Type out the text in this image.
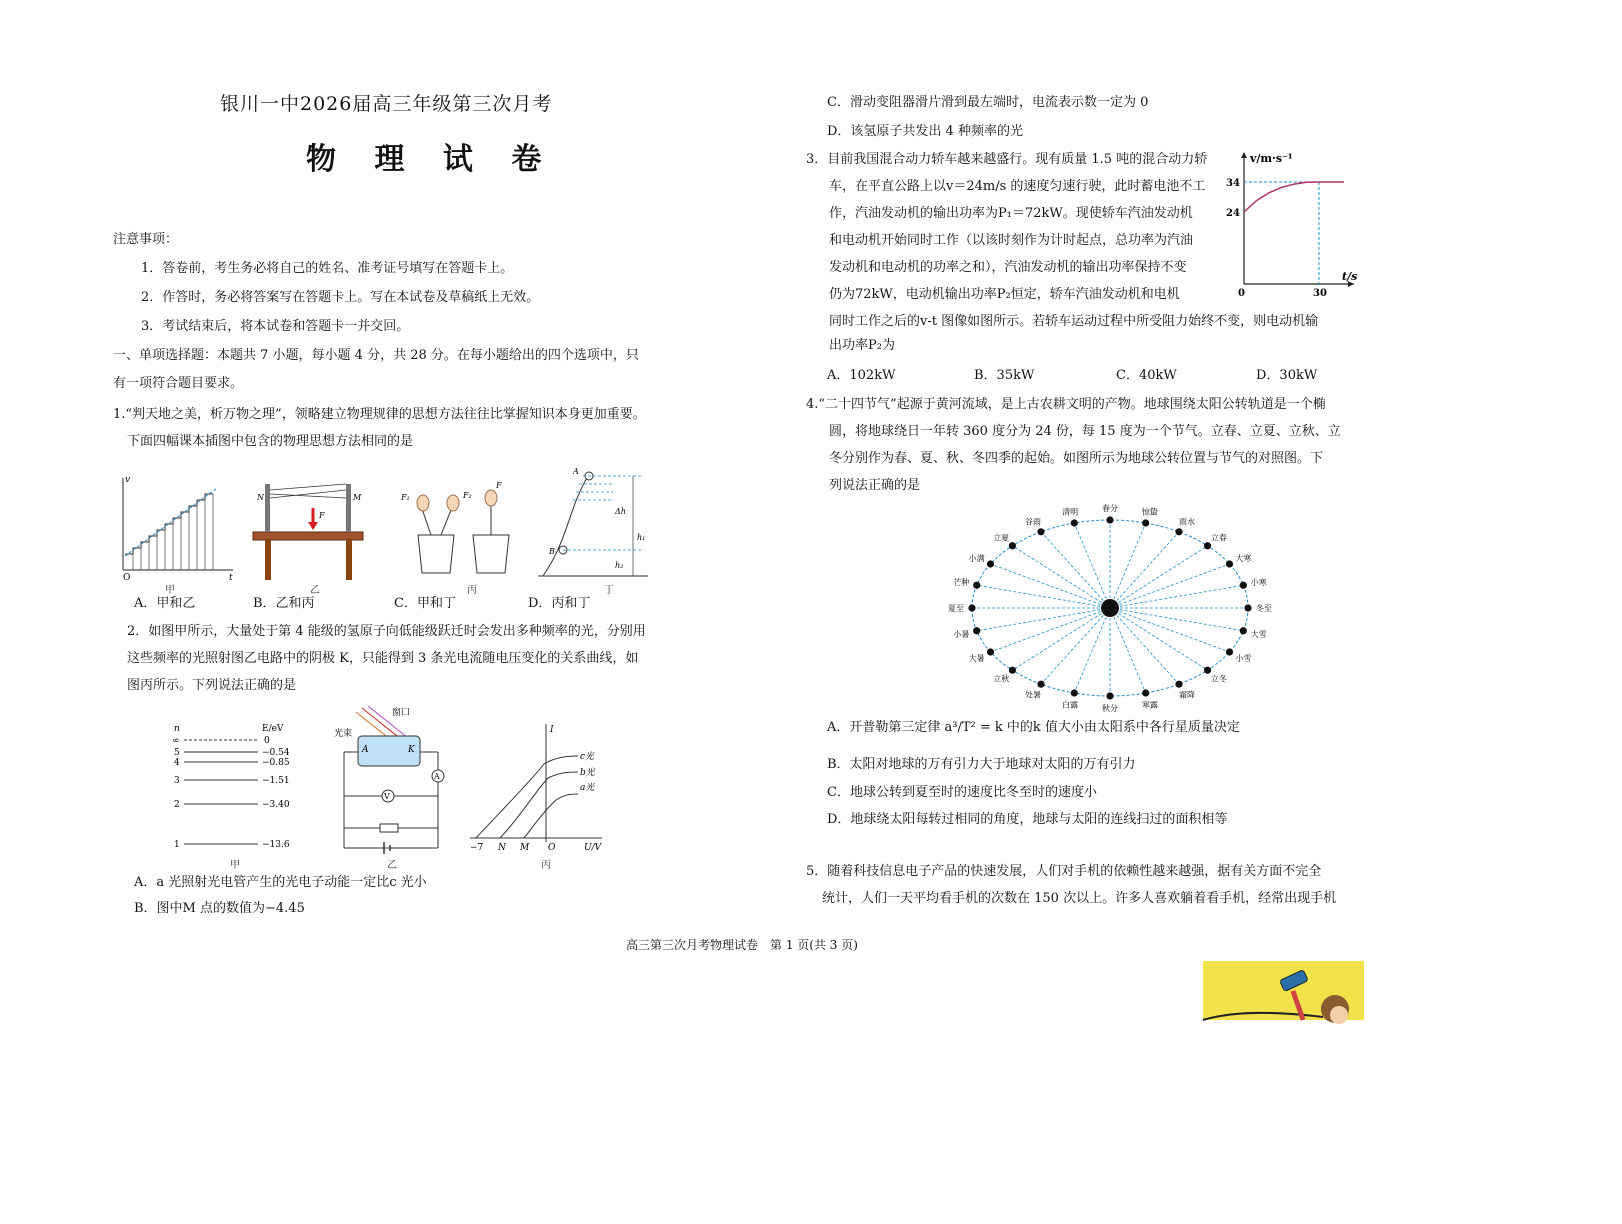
银川一中2026届高三年级第三次月考
物 理 试 卷
注意事项：
1．答卷前，考生务必将自己的姓名、准考证号填写在答题卡上。
2．作答时，务必将答案写在答题卡上。写在本试卷及草稿纸上无效。
3．考试结束后，将本试卷和答题卡一并交回。
一、单项选择题：本题共 7 小题，每小题 4 分，共 28 分。在每小题给出的四个选项中，只
有一项符合题目要求。
1.“判天地之美，析万物之理”，领略建立物理规律的思想方法往往比掌握知识本身更加重要。
下面四幅课本插图中包含的物理思想方法相同的是
O
v
t
N	M
F
F₁	F₂
F
A
B
Δh
h₁
h₂
甲	乙	丙	丁
A．甲和乙	B．乙和丙	C．甲和丁	D．丙和丁
2．如图甲所示，大量处于第 4 能级的氢原子向低能级跃迁时会发出多种频率的光，分别用
这些频率的光照射图乙电路中的阴极 K，只能得到 3 条光电流随电压变化的关系曲线，如
图丙所示。下列说法正确的是
n	E/eV
∞
5
4
3
2
1
0
−0.54
−0.85
−1.51
−3.40
−13.6
窗口
光束
A	K
A
V
I
U/V
O
−7 N M
c光
b光
a光
甲	乙	丙
A．a 光照射光电管产生的光电子动能一定比c 光小
B．图中M 点的数值为−4.45
C．滑动变阻器滑片滑到最左端时，电流表示数一定为 0
D．该氢原子共发出 4 种频率的光
3．目前我国混合动力轿车越来越盛行。现有质量 1.5 吨的混合动力轿
车，在平直公路上以v＝24m/s 的速度匀速行驶，此时蓄电池不工
作，汽油发动机的输出功率为P₁＝72kW。现使轿车汽油发动机
和电动机开始同时工作（以该时刻作为计时起点，总功率为汽油
发动机和电动机的功率之和），汽油发动机的输出功率保持不变
仍为72kW，电动机输出功率P₂恒定，轿车汽油发动机和电机
同时工作之后的v-t 图像如图所示。若轿车运动过程中所受阻力始终不变，则电动机输
出功率P₂为
v/m·s⁻¹
t/s
24
34
0	30
A．102kW	B．35kW	C．40kW	D．30kW
4.“二十四节气”起源于黄河流域，是上古农耕文明的产物。地球围绕太阳公转轨道是一个椭
圆，将地球绕日一年转 360 度分为 24 份，每 15 度为一个节气。立春、立夏、立秋、立
冬分别作为春、夏、秋、冬四季的起始。如图所示为地球公转位置与节气的对照图。下
列说法正确的是
冬至
小寒
大寒
立春
雨水
惊蛰
春分
清明
谷雨
立夏
小满
芒种
夏至
小暑
大暑
立秋
处暑
白露	秋分	寒露
霜降
立冬
小雪
大雪
A．开普勒第三定律 a³/T² = k 中的k 值大小由太阳系中各行星质量决定
B．太阳对地球的万有引力大于地球对太阳的万有引力
C．地球公转到夏至时的速度比冬至时的速度小
D．地球绕太阳每转过相同的角度，地球与太阳的连线扫过的面积相等
5．随着科技信息电子产品的快速发展，人们对手机的依赖性越来越强，据有关方面不完全
统计，人们一天平均看手机的次数在 150 次以上。许多人喜欢躺着看手机，经常出现手机
高三第三次月考物理试卷　第 1 页(共 3 页)
